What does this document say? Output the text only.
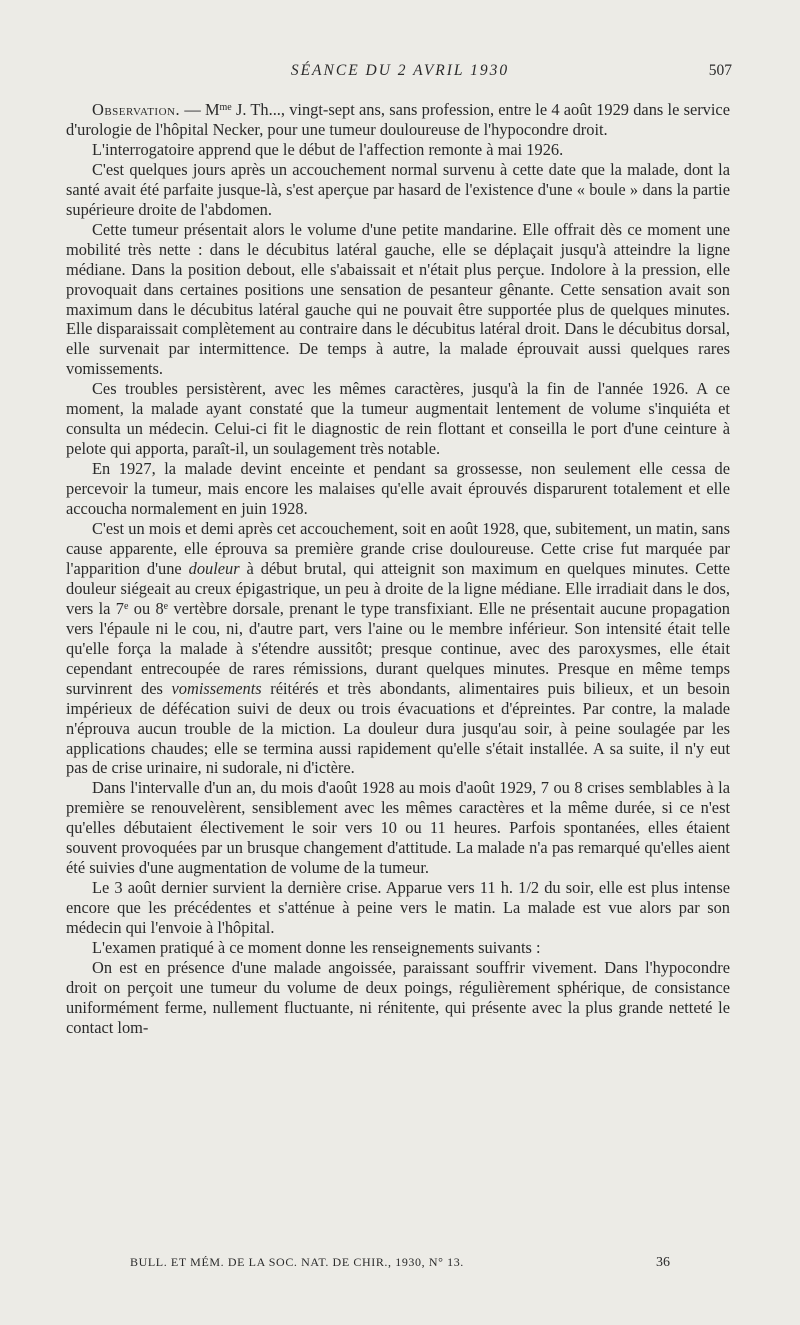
SÉANCE DU 2 AVRIL 1930	507

Observation. — $M^{me}$ J. Th..., vingt-sept ans, sans profession, entre le 4 août 1929 dans le service d'urologie de l'hôpital Necker, pour une tumeur douloureuse de l'hypocondre droit.

L'interrogatoire apprend que le début de l'affection remonte à mai 1926.

C'est quelques jours après un accouchement normal survenu à cette date que la malade, dont la santé avait été parfaite jusque-là, s'est aperçue par hasard de l'existence d'une « boule » dans la partie supérieure droite de l'abdomen.

Cette tumeur présentait alors le volume d'une petite mandarine. Elle offrait dès ce moment une mobilité très nette : dans le décubitus latéral gauche, elle se déplaçait jusqu'à atteindre la ligne médiane. Dans la position debout, elle s'abaissait et n'était plus perçue. Indolore à la pression, elle provoquait dans certaines positions une sensation de pesanteur gênante. Cette sensation avait son maximum dans le décubitus latéral gauche qui ne pouvait être supportée plus de quelques minutes. Elle disparaissait complètement au contraire dans le décubitus latéral droit. Dans le décubitus dorsal, elle survenait par intermittence. De temps à autre, la malade éprouvait aussi quelques rares vomissements.

Ces troubles persistèrent, avec les mêmes caractères, jusqu'à la fin de l'année 1926. A ce moment, la malade ayant constaté que la tumeur augmentait lentement de volume s'inquiéta et consulta un médecin. Celui-ci fit le diagnostic de rein flottant et conseilla le port d'une ceinture à pelote qui apporta, paraît-il, un soulagement très notable.

En 1927, la malade devint enceinte et pendant sa grossesse, non seulement elle cessa de percevoir la tumeur, mais encore les malaises qu'elle avait éprouvés disparurent totalement et elle accoucha normalement en juin 1928.

C'est un mois et demi après cet accouchement, soit en août 1928, que, subitement, un matin, sans cause apparente, elle éprouva sa première grande crise douloureuse. Cette crise fut marquée par l'apparition d'une douleur à début brutal, qui atteignit son maximum en quelques minutes. Cette douleur siégeait au creux épigastrique, un peu à droite de la ligne médiane. Elle irradiait dans le dos, vers la 7e ou 8e vertèbre dorsale, prenant le type transfixiant. Elle ne présentait aucune propagation vers l'épaule ni le cou, ni, d'autre part, vers l'aine ou le membre inférieur. Son intensité était telle qu'elle força la malade à s'étendre aussitôt; presque continue, avec des paroxysmes, elle était cependant entrecoupée de rares rémissions, durant quelques minutes. Presque en même temps survinrent des vomissements réitérés et très abondants, alimentaires puis bilieux, et un besoin impérieux de défécation suivi de deux ou trois évacuations et d'épreintes. Par contre, la malade n'éprouva aucun trouble de la miction. La douleur dura jusqu'au soir, à peine soulagée par les applications chaudes; elle se termina aussi rapidement qu'elle s'était installée. A sa suite, il n'y eut pas de crise urinaire, ni sudorale, ni d'ictère.

Dans l'intervalle d'un an, du mois d'août 1928 au mois d'août 1929, 7 ou 8 crises semblables à la première se renouvelèrent, sensiblement avec les mêmes caractères et la même durée, si ce n'est qu'elles débutaient électivement le soir vers 10 ou 11 heures. Parfois spontanées, elles étaient souvent provoquées par un brusque changement d'attitude. La malade n'a pas remarqué qu'elles aient été suivies d'une augmentation de volume de la tumeur.

Le 3 août dernier survient la dernière crise. Apparue vers 11 h. 1/2 du soir, elle est plus intense encore que les précédentes et s'atténue à peine vers le matin. La malade est vue alors par son médecin qui l'envoie à l'hôpital.

L'examen pratiqué à ce moment donne les renseignements suivants :

On est en présence d'une malade angoissée, paraissant souffrir vivement. Dans l'hypocondre droit on perçoit une tumeur du volume de deux poings, régulièrement sphérique, de consistance uniformément ferme, nullement fluctuante, ni rénitente, qui présente avec la plus grande netteté le contact lom-

BULL. ET MÉM. DE LA SOC. NAT. DE CHIR., 1930, N° 13.	36
